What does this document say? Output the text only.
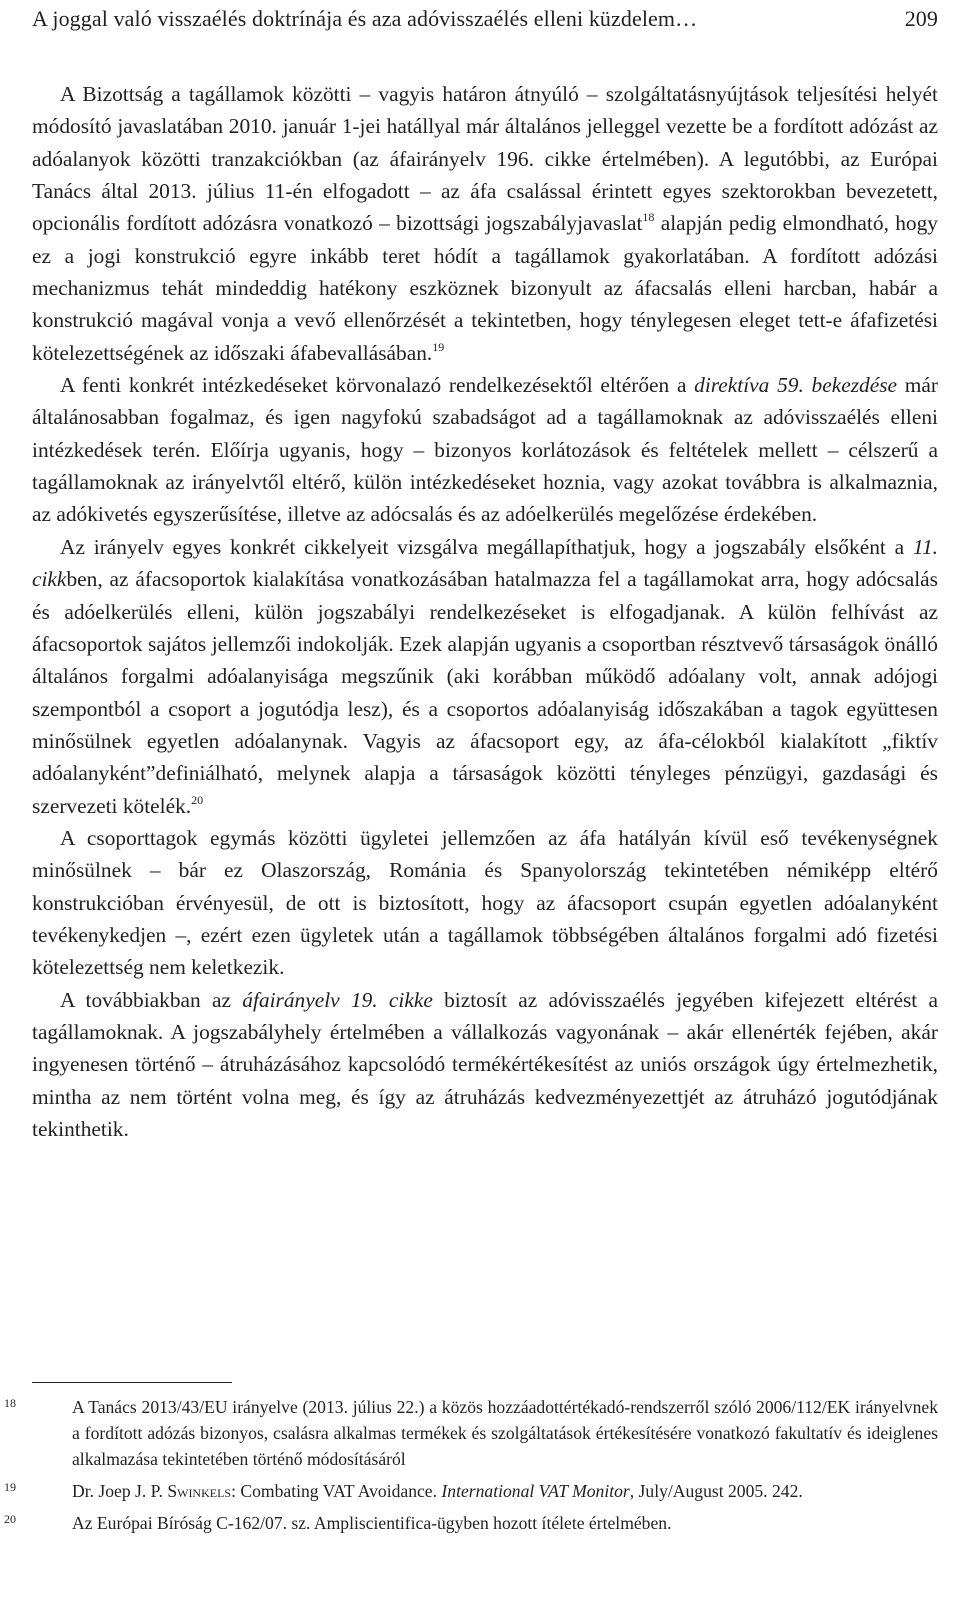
A joggal való visszaélés doktrínája és aza adóvisszaélés elleni küzdelem…	209

A Bizottság a tagállamok közötti – vagyis határon átnyúló – szolgáltatásnyújtások teljesítési helyét módosító javaslatában 2010. január 1-jei hatállyal már általános jelleggel vezette be a fordított adózást az adóalanyok közötti tranzakciókban (az áfairányelv 196. cikke értelmében). A legutóbbi, az Európai Tanács által 2013. július 11-én elfogadott – az áfa csalással érintett egyes szektorokban bevezetett, opcionális fordított adózásra vonatkozó – bizottsági jogszabályjavaslat$^{18}$ alapján pedig elmondható, hogy ez a jogi konstrukció egyre inkább teret hódít a tagállamok gyakorlatában. A fordított adózási mechanizmus tehát mindeddig hatékony eszköznek bizonyult az áfacsalás elleni harcban, habár a konstrukció magával vonja a vevő ellenőrzését a tekintetben, hogy ténylegesen eleget tett-e áfafizetési kötelezettségének az időszaki áfabevallásában.$^{19}$

A fenti konkrét intézkedéseket körvonalazó rendelkezésektől eltérően a direktíva 59. bekezdése már általánosabban fogalmaz, és igen nagyfokú szabadságot ad a tagállamoknak az adóvisszaélés elleni intézkedések terén. Előírja ugyanis, hogy – bizonyos korlátozások és feltételek mellett – célszerű a tagállamoknak az irányelvtől eltérő, külön intézkedéseket hoznia, vagy azokat továbbra is alkalmaznia, az adókivetés egyszerűsítése, illetve az adócsalás és az adóelkerülés megelőzése érdekében.

Az irányelv egyes konkrét cikkelyeit vizsgálva megállapíthatjuk, hogy a jogszabály elsőként a 11. cikkben, az áfacsoportok kialakítása vonatkozásában hatalmazza fel a tagállamokat arra, hogy adócsalás és adóelkerülés elleni, külön jogszabályi rendelkezéseket is elfogadjanak. A külön felhívást az áfacsoportok sajátos jellemzői indokolják. Ezek alapján ugyanis a csoportban résztvevő társaságok önálló általános forgalmi adóalanyisága megszűnik (aki korábban működő adóalany volt, annak adójogi szempontból a csoport a jogutódja lesz), és a csoportos adóalanyiság időszakában a tagok együttesen minősülnek egyetlen adóalanynak. Vagyis az áfacsoport egy, az áfa-célokból kialakított „fiktív adóalanyként”definiálható, melynek alapja a társaságok közötti tényleges pénzügyi, gazdasági és szervezeti kötelék.$^{20}$

A csoporttagok egymás közötti ügyletei jellemzően az áfa hatályán kívül eső tevékenységnek minősülnek – bár ez Olaszország, Románia és Spanyolország tekintetében némiképp eltérő konstrukcióban érvényesül, de ott is biztosított, hogy az áfacsoport csupán egyetlen adóalanyként tevékenykedjen –, ezért ezen ügyletek után a tagállamok többségében általános forgalmi adó fizetési kötelezettség nem keletkezik.

A továbbiakban az áfairányelv 19. cikke biztosít az adóvisszaélés jegyében kifejezett eltérést a tagállamoknak. A jogszabályhely értelmében a vállalkozás vagyonának – akár ellenérték fejében, akár ingyenesen történő – átruházásához kapcsolódó termékértékesítést az uniós országok úgy értelmezhetik, mintha az nem történt volna meg, és így az átruházás kedvezményezettjét az átruházó jogutódjának tekinthetik.

18	A Tanács 2013/43/EU irányelve (2013. július 22.) a közös hozzáadottértékadó-rendszerről szóló 2006/112/EK irányelvnek a fordított adózás bizonyos, csalásra alkalmas termékek és szolgáltatások értékesítésére vonatkozó fakultatív és ideiglenes alkalmazása tekintetében történő módosításáról
19	Dr. Joep J. P. Swinkels: Combating VAT Avoidance. International VAT Monitor, July/August 2005. 242.
20	Az Európai Bíróság C-162/07. sz. Ampliscientifica-ügyben hozott ítélete értelmében.
